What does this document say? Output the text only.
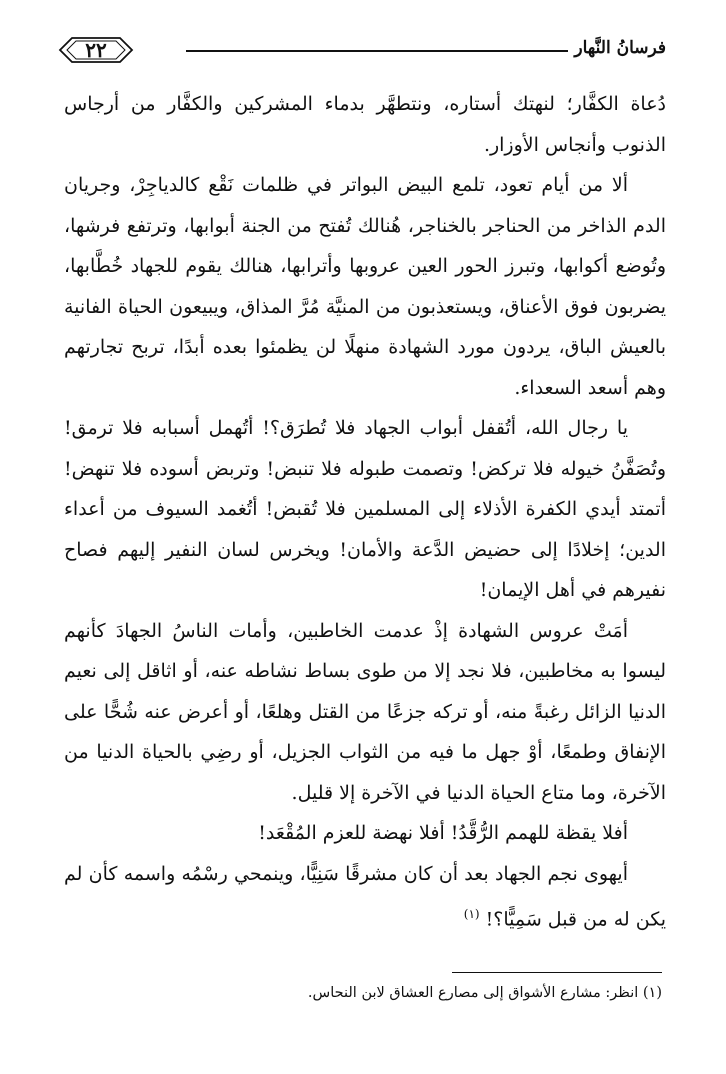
٢٢	فرسانُ النَّهار

دُعاة الكفَّار؛ لنهتك أستاره، ونتطهَّر بدماء المشركين والكفَّار من أرجاس الذنوب وأنجاس الأوزار.

ألا من أيام تعود، تلمع البيض البواتر في ظلمات نَقْع كالدياجِرْ، وجريان الدم الذاخر من الحناجر بالخناجر، هُنالك تُفتح من الجنة أبوابها، وترتفع فرشها، وتُوضع أكوابها، وتبرز الحور العين عروبها وأترابها، هنالك يقوم للجهاد خُطَّابها، يضربون فوق الأعناق، ويستعذبون من المنيَّة مُرَّ المذاق، ويبيعون الحياة الفانية بالعيش الباق، يردون مورد الشهادة منهلًا لن يظمئوا بعده أبدًا، تربح تجارتهم وهم أسعد السعداء.

يا رجال الله، أتُقفل أبواب الجهاد فلا تُطرَق؟! أتُهمل أسبابه فلا ترمق! وتُصَفَّنُ خيوله فلا تركض! وتصمت طبوله فلا تنبض! وتربض أسوده فلا تنهض! أتمتد أيدي الكفرة الأذلاء إلى المسلمين فلا تُقبض! أتُغمد السيوف من أعداء الدين؛ إخلادًا إلى حضيض الدَّعة والأمان! ويخرس لسان النفير إليهم فصاح نفيرهم في أهل الإيمان!

أمَتْ عروس الشهادة إذْ عدمت الخاطبين، وأمات الناسُ الجهادَ كأنهم ليسوا به مخاطبين، فلا نجد إلا من طوى بساط نشاطه عنه، أو اثاقل إلى نعيم الدنيا الزائل رغبةً منه، أو تركه جزعًا من القتل وهلعًا، أو أعرض عنه شُحًّا على الإنفاق وطمعًا، أوْ جهل ما فيه من الثواب الجزيل، أو رضِي بالحياة الدنيا من الآخرة، وما متاع الحياة الدنيا في الآخرة إلا قليل.

أفلا يقظة للهمم الرُّقَّدُ! أفلا نهضة للعزم المُقْعَد!

أيهوى نجم الجهاد بعد أن كان مشرقًا سَنِيًّا، وينمحي رسْمُه واسمه كأن لم يكن له من قبل سَمِيًّا؟! $^{(١)}$

(١) انظر: مشارع الأشواق إلى مصارع العشاق لابن النحاس.
